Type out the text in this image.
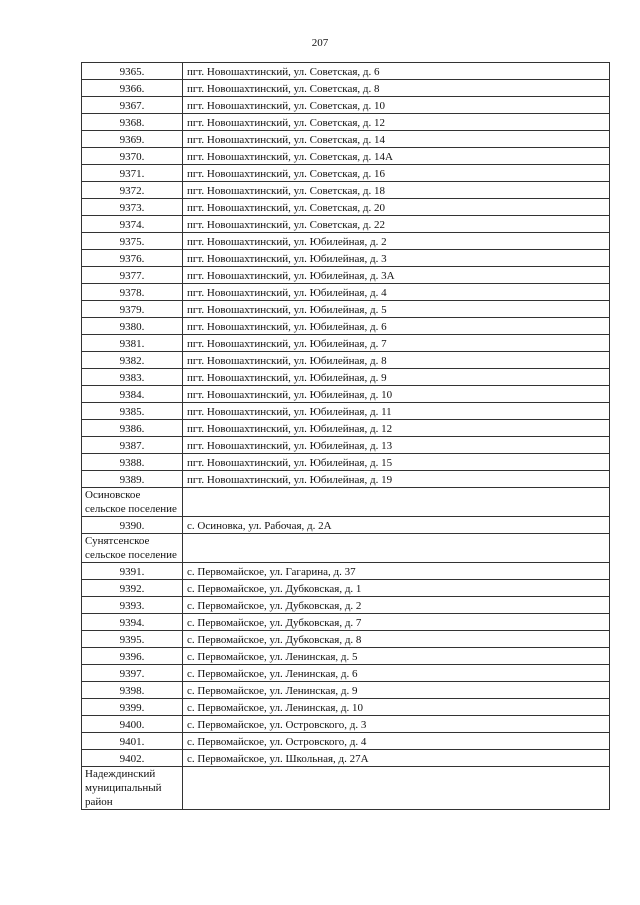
207
9365.	пгт. Новошахтинский, ул. Советская, д. 6
9366.	пгт. Новошахтинский, ул. Советская, д. 8
9367.	пгт. Новошахтинский, ул. Советская, д. 10
9368.	пгт. Новошахтинский, ул. Советская, д. 12
9369.	пгт. Новошахтинский, ул. Советская, д. 14
9370.	пгт. Новошахтинский, ул. Советская, д. 14А
9371.	пгт. Новошахтинский, ул. Советская, д. 16
9372.	пгт. Новошахтинский, ул. Советская, д. 18
9373.	пгт. Новошахтинский, ул. Советская, д. 20
9374.	пгт. Новошахтинский, ул. Советская, д. 22
9375.	пгт. Новошахтинский, ул. Юбилейная, д. 2
9376.	пгт. Новошахтинский, ул. Юбилейная, д. 3
9377.	пгт. Новошахтинский, ул. Юбилейная, д. 3А
9378.	пгт. Новошахтинский, ул. Юбилейная, д. 4
9379.	пгт. Новошахтинский, ул. Юбилейная, д. 5
9380.	пгт. Новошахтинский, ул. Юбилейная, д. 6
9381.	пгт. Новошахтинский, ул. Юбилейная, д. 7
9382.	пгт. Новошахтинский, ул. Юбилейная, д. 8
9383.	пгт. Новошахтинский, ул. Юбилейная, д. 9
9384.	пгт. Новошахтинский, ул. Юбилейная, д. 10
9385.	пгт. Новошахтинский, ул. Юбилейная, д. 11
9386.	пгт. Новошахтинский, ул. Юбилейная, д. 12
9387.	пгт. Новошахтинский, ул. Юбилейная, д. 13
9388.	пгт. Новошахтинский, ул. Юбилейная, д. 15
9389.	пгт. Новошахтинский, ул. Юбилейная, д. 19
Осиновское сельское поселение	
9390.	с. Осиновка, ул. Рабочая, д. 2А
Сунятсенское сельское поселение	
9391.	с. Первомайское, ул. Гагарина, д. 37
9392.	с. Первомайское, ул. Дубковская, д. 1
9393.	с. Первомайское, ул. Дубковская, д. 2
9394.	с. Первомайское, ул. Дубковская, д. 7
9395.	с. Первомайское, ул. Дубковская, д. 8
9396.	с. Первомайское, ул. Ленинская, д. 5
9397.	с. Первомайское, ул. Ленинская, д. 6
9398.	с. Первомайское, ул. Ленинская, д. 9
9399.	с. Первомайское, ул. Ленинская, д. 10
9400.	с. Первомайское, ул. Островского, д. 3
9401.	с. Первомайское, ул. Островского, д. 4
9402.	с. Первомайское, ул. Школьная, д. 27А
Надеждинский муниципальный район	
